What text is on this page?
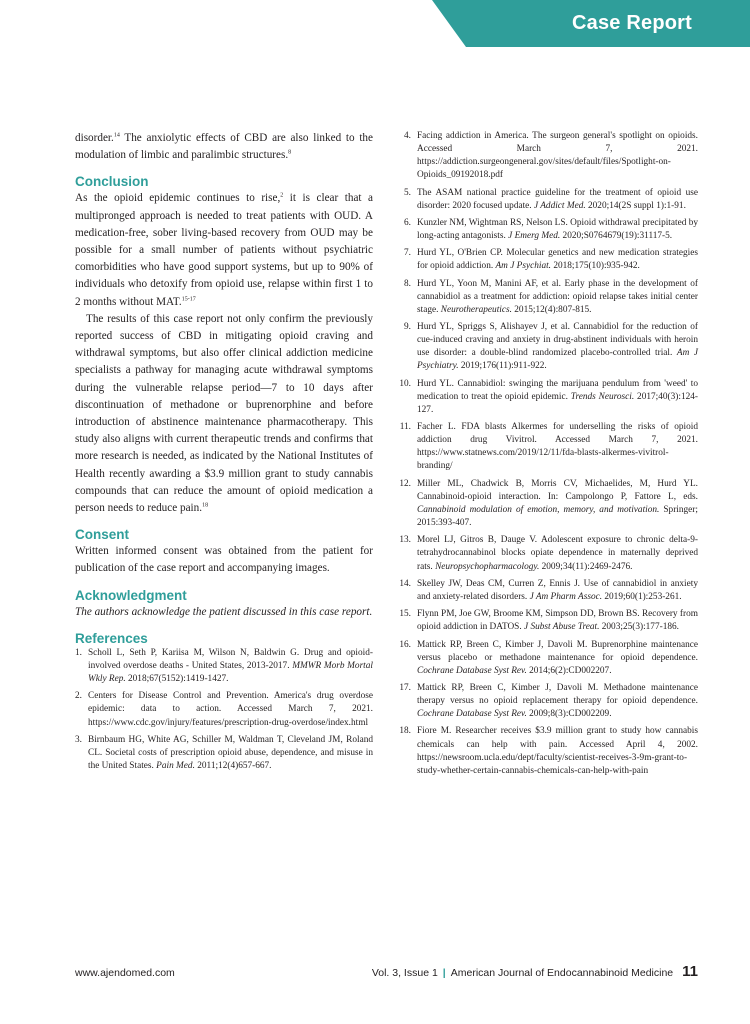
Case Report

disorder.$^{14}$ The anxiolytic effects of CBD are also linked to the modulation of limbic and paralimbic structures.$^8$

Conclusion

As the opioid epidemic continues to rise,$^2$ it is clear that a multipronged approach is needed to treat patients with OUD. A medication-free, sober living-based recovery from OUD may be possible for a small number of patients without psychiatric comorbidities who have good support systems, but up to 90% of individuals who detoxify from opioid use, relapse within first 1 to 2 months without MAT.$^{15-17}$

The results of this case report not only confirm the previously reported success of CBD in mitigating opioid craving and withdrawal symptoms, but also offer clinical addiction medicine specialists a pathway for managing acute withdrawal symptoms during the vulnerable relapse period—7 to 10 days after discontinuation of methadone or buprenorphine and before introduction of abstinence maintenance pharmacotherapy. This study also aligns with current therapeutic trends and confirms that more research is needed, as indicated by the National Institutes of Health recently awarding a $3.9 million grant to study cannabis compounds that can reduce the amount of opioid medication a person needs to reduce pain.$^{18}$

Consent

Written informed consent was obtained from the patient for publication of the case report and accompanying images.

Acknowledgment

The authors acknowledge the patient discussed in this case report.

References
1. Scholl L, Seth P, Kariisa M, Wilson N, Baldwin G. Drug and opioid-involved overdose deaths - United States, 2013-2017. MMWR Morb Mortal Wkly Rep. 2018;67(5152):1419-1427.
2. Centers for Disease Control and Prevention. America's drug overdose epidemic: data to action. Accessed March 7, 2021. https://www.cdc.gov/injury/features/prescription-drug-overdose/index.html
3. Birnbaum HG, White AG, Schiller M, Waldman T, Cleveland JM, Roland CL. Societal costs of prescription opioid abuse, dependence, and misuse in the United States. Pain Med. 2011;12(4)657-667.
4. Facing addiction in America. The surgeon general's spotlight on opioids. Accessed March 7, 2021. https://addiction.surgeongeneral.gov/sites/default/files/Spotlight-on-Opioids_09192018.pdf
5. The ASAM national practice guideline for the treatment of opioid use disorder: 2020 focused update. J Addict Med. 2020;14(2S suppl 1):1-91.
6. Kunzler NM, Wightman RS, Nelson LS. Opioid withdrawal precipitated by long-acting antagonists. J Emerg Med. 2020;S0764679(19):31117-5.
7. Hurd YL, O'Brien CP. Molecular genetics and new medication strategies for opioid addiction. Am J Psychiat. 2018;175(10):935-942.
8. Hurd YL, Yoon M, Manini AF, et al. Early phase in the development of cannabidiol as a treatment for addiction: opioid relapse takes initial center stage. Neurotherapeutics. 2015;12(4):807-815.
9. Hurd YL, Spriggs S, Alishayev J, et al. Cannabidiol for the reduction of cue-induced craving and anxiety in drug-abstinent individuals with heroin use disorder: a double-blind randomized placebo-controlled trial. Am J Psychiatry. 2019;176(11):911-922.
10. Hurd YL. Cannabidiol: swinging the marijuana pendulum from 'weed' to medication to treat the opioid epidemic. Trends Neurosci. 2017;40(3):124-127.
11. Facher L. FDA blasts Alkermes for underselling the risks of opioid addiction drug Vivitrol. Accessed March 7, 2021. https://www.statnews.com/2019/12/11/fda-blasts-alkermes-vivitrol-branding/
12. Miller ML, Chadwick B, Morris CV, Michaelides, M, Hurd YL. Cannabinoid-opioid interaction. In: Campolongo P, Fattore L, eds. Cannabinoid modulation of emotion, memory, and motivation. Springer; 2015:393-407.
13. Morel LJ, Gitros B, Dauge V. Adolescent exposure to chronic delta-9-tetrahydrocannabinol blocks opiate dependence in maternally deprived rats. Neuropsychopharmacology. 2009;34(11):2469-2476.
14. Skelley JW, Deas CM, Curren Z, Ennis J. Use of cannabidiol in anxiety and anxiety-related disorders. J Am Pharm Assoc. 2019;60(1):253-261.
15. Flynn PM, Joe GW, Broome KM, Simpson DD, Brown BS. Recovery from opioid addiction in DATOS. J Subst Abuse Treat. 2003;25(3):177-186.
16. Mattick RP, Breen C, Kimber J, Davoli M. Buprenorphine maintenance versus placebo or methadone maintenance for opioid dependence. Cochrane Database Syst Rev. 2014;6(2):CD002207.
17. Mattick RP, Breen C, Kimber J, Davoli M. Methadone maintenance therapy versus no opioid replacement therapy for opioid dependence. Cochrane Database Syst Rev. 2009;8(3):CD002209.
18. Fiore M. Researcher receives $3.9 million grant to study how cannabis chemicals can help with pain. Accessed April 4, 2002. https://newsroom.ucla.edu/dept/faculty/scientist-receives-3-9m-grant-to-study-whether-certain-cannabis-chemicals-can-help-with-pain
www.ajendomed.com	Vol. 3, Issue 1 | American Journal of Endocannabinoid Medicine 11
